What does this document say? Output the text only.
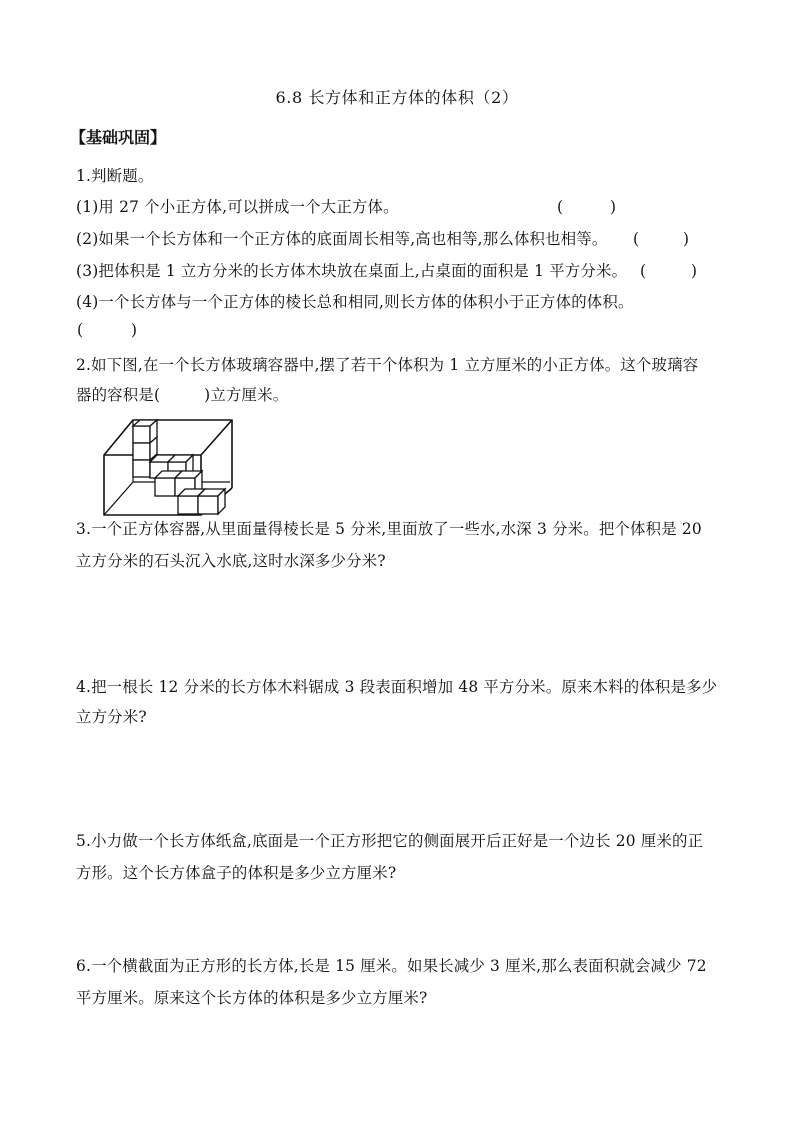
6.8 长方体和正方体的体积（2）
【基础巩固】

1.判断题。

(1)用 27 个小正方体,可以拼成一个大正方体。	(	)

(2)如果一个长方体和一个正方体的底面周长相等,高也相等,那么体积也相等。 (	)

(3)把体积是 1 立方分米的长方体木块放在桌面上,占桌面的面积是 1 平方分米。 (	)

(4)一个长方体与一个正方体的棱长总和相同,则长方体的体积小于正方体的体积。

(	)

2.如下图,在一个长方体玻璃容器中,摆了若干个体积为 1 立方厘米的小正方体。这个玻璃容

器的容积是(	)立方厘米。

3.一个正方体容器,从里面量得棱长是 5 分米,里面放了一些水,水深 3 分米。把个体积是 20

立方分米的石头沉入水底,这时水深多少分米?

4.把一根长 12 分米的长方体木料锯成 3 段表面积增加 48 平方分米。原来木料的体积是多少

立方分米?

5.小力做一个长方体纸盒,底面是一个正方形把它的侧面展开后正好是一个边长 20 厘米的正

方形。这个长方体盒子的体积是多少立方厘米?

6.一个横截面为正方形的长方体,长是 15 厘米。如果长减少 3 厘米,那么表面积就会减少 72

平方厘米。原来这个长方体的体积是多少立方厘米?
